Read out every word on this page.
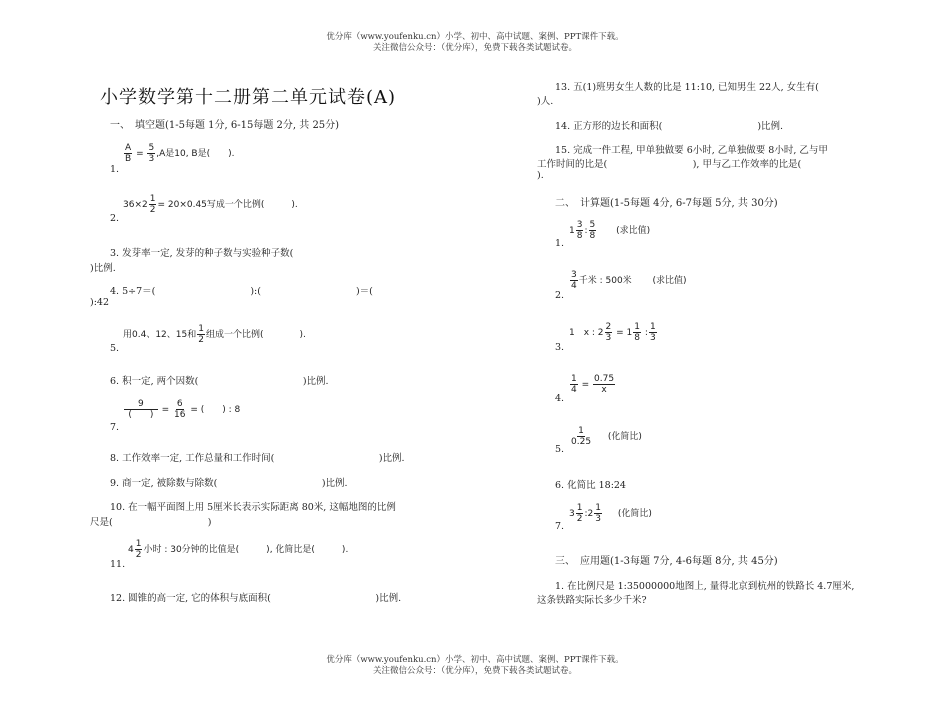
优分库（www.youfenku.cn）小学、初中、高中试题、案例、PPT课件下载。
关注微信公众号：（优分库），免费下载各类试题试卷。
小学数学第十二册第二单元试卷(A)
一、　填空题(1-5每题 1分, 6-15每题 2分, 共 25分)
$\frac{A}{B} = \frac{5}{3} ,A$是10, B是(　　).
1.
$36\times 2 \frac{1}{2} = 20\times 0.45$写成一个比例(　　　).
2.
3. 发芽率一定, 发芽的种子数与实验种子数(
)比例.
4. 5÷7＝(　　　　　　　　　　):(　　　　　　　　　　)＝(
):42
用0.4、12、15和 $\frac{1}{2}$ 组成一个比例(　　　　).
5.
6. 积一定, 两个因数(　　　　　　　　　　　)比例.
$\frac{9}{( )} = \frac{6}{16}$ = (　　) : 8
7.
8. 工作效率一定, 工作总量和工作时间(　　　　　　　　　　　)比例.
9. 商一定, 被除数与除数(　　　　　　　　　　　)比例.
10. 在一幅平面图上用 5厘米长表示实际距离 80米, 这幅地图的比例
尺是(　　　　　　　　　　)
$4 \frac{1}{2}$ 小时 : 30分钟的比值是(　　　), 化简比是(　　　).
11.
12. 圆锥的高一定, 它的体积与底面积(　　　　　　　　　　　)比例.
13. 五(1)班男女生人数的比是 11:10, 已知男生 22人, 女生有(
)人.
14. 正方形的边长和面积(　　　　　　　　　　)比例.
15. 完成一件工程, 甲单独做要 6小时, 乙单独做要 8小时, 乙与甲
工作时间的比是(　　　　　　　　　), 甲与乙工作效率的比是(
).
二、　计算题(1-5每题 4分, 6-7每题 5分, 共 30分)
$1 \frac{3}{8}$ : $\frac{5}{8}$ (求比值)
1.
$\frac{3}{4}$ 千米 : 500米 (求比值)
2.
1　x : $2 \frac{2}{3} = 1 \frac{1}{8}$ : $\frac{1}{3}$
3.
$\frac{1}{4} = \frac{0.75}{x}$
4.
$\frac{1}{0.25}$ (化简比)
5.
6. 化简比 18:24
$3 \frac{1}{2}$ :2 $\frac{1}{3}$ (化简比)
7.
三、　应用题(1-3每题 7分, 4-6每题 8分, 共 45分)
1. 在比例尺是 1:35000000地图上, 量得北京到杭州的铁路长 4.7厘米,
这条铁路实际长多少千米?
优分库（www.youfenku.cn）小学、初中、高中试题、案例、PPT课件下载。
关注微信公众号：（优分库），免费下载各类试题试卷。
